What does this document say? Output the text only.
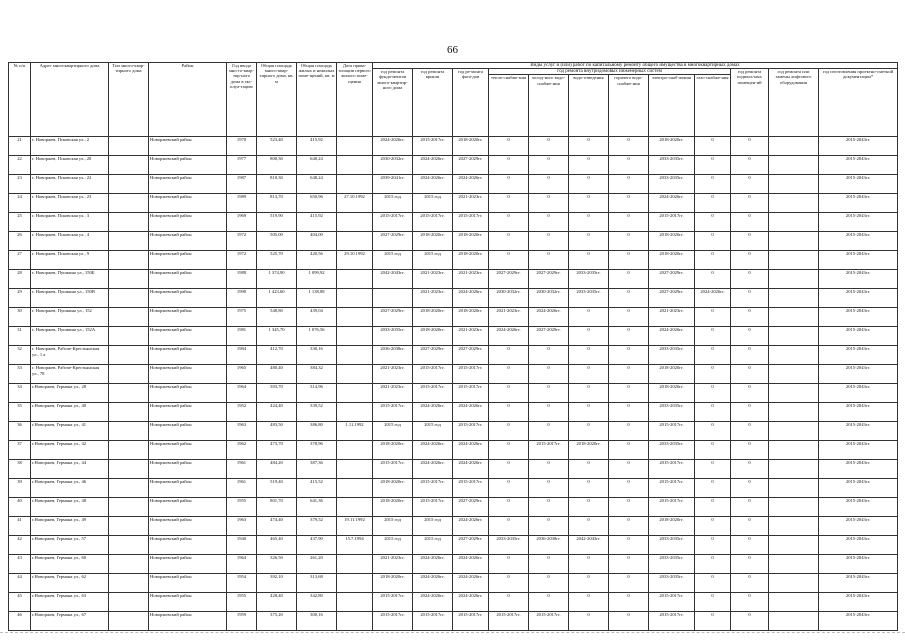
66
№ п/п	Адрес многоквартирного дома	Тип много-квар-тирного дома	Район	Год ввода мно-го-квар-тир-ного дома в экс-плуа-тацию	Общая площадь много-квар-тирного дома, кв. м	Общая площадь жилых и нежилых поме-щений, кв. м	Дата прива-тизации первого жилого поме-щения	Виды услуг и (или) работ по капитальному ремонту общего имущества в многоквартирных домах											
								год ремонта фунда-ментов много-квартир-ного дома	год ремонта крыши	год ре-монта фаса-дов	год ремонта внутридомовых инженерных систем						год ремонта подваль-ных помещен-ий	год ремонта или замены лифтового оборудования	год изготовления проектно-сметной документации*
											тепло-снабже-ния	холод-ного водо-снабже-ния	водо-отведения	горячего водо-снабже-ния	электро-снаб-жения	газо-снабже-ния			
21	г. Новоржев, Псковская ул., 2		Новоржевский район	1970	523,40	415,92		2024-2026гг.	2015-2017гг.	2018-2020гг.	0	0	0	0	2018-2020гг.	0	0		2015-2043гг.
22	г. Новоржев, Псковская ул., 20		Новоржевский район	1977	800,30	640,24		2030-2032гг.	2024-2026гг.	2027-2029гг.	0	0	0	0	2033-2035гг.	0	0		2015-2043гг.
23	г. Новоржев, Псковская ул., 22		Новоржевский район	1987	810,30	648,24		2039-2041гг.	2024-2026гг.	2024-2026гг.	0	0	0	0	2033-2035гг.	0	0		2015-2043гг.
24	г. Новоржев, Псковская ул., 23		Новоржевский район	1989	813,70	650,96	27.10.1992	2015 год	2015 год	2021-2023гг.	0	0	0	0	2024-2026гг.	0	0		2015-2043гг.
25	г. Новоржев, Псковская ул., 3		Новоржевский район	1969	519,90	415,92		2015-2017гг.	2015-2017гг.	2015-2017гг.	0	0	0	0	2015-2017гг.	0	0		2015-2043гг.
26	г. Новоржев, Псковская ул., 4		Новоржевский район	1972	505,00	404,00		2027-2029гг.	2018-2020гг.	2018-2020гг.	0	0	0	0	2018-2020гг.	0	0		2015-2043гг.
27	г. Новоржев, Псковская ул., 9		Новоржевский район	1972	525,70	420,56	29.10.1992	2015 год	2015 год	2018-2020гг.	0	0	0	0	2018-2020гг.	0	0		2015-2043гг.
28	г. Новоржев, Пушкина ул., 150Б		Новоржевский район	1988	1 374,90	1 099,92		2042-2043гг.	2021-2023гг.	2021-2023гг.	2027-2029гг.	2027-2029гг.	2033-2035гг.	0	2027-2029гг.	0	0		2015-2043гг.
29	г. Новоржев, Пушкина ул., 150В		Новоржевский район	1990	1 423,60	1 138,88			2021-2023гг.	2024-2026гг.	2030-2032гг.	2030-2032гг.	2033-2035гг.	0	2027-2029гг.	2024-2026гг.	0		2015-2043гг.
30	г. Новоржев, Пушкина ул., 152		Новоржевский район	1975	548,80	439,04		2027-2029гг.	2018-2020гг.	2018-2020гг.	2021-2023гг.	2024-2026гг.	0	0	2021-2023гг.	0	0		2015-2043гг.
31	г. Новоржев, Пушкина ул., 152А		Новоржевский район	1981	1 345,70	1 076,56		2033-2035гг.	2018-2020гг.	2021-2023гг.	2024-2026гг.	2027-2029гг.	0	0	2024-2026гг.	0	0		2015-2043гг.
32	г. Новоржев, Рабоче-Крестьянская ул., 1 а		Новоржевский район	1984	412,70	330,16		2036-2038гг.	2027-2029гг.	2027-2029гг.	0	0	0	0	2033-2035гг.	0	0		2015-2043гг.
33	г. Новоржев, Рабоче-Крестьянская ул., 78		Новоржевский район	1965	480,40	384,32		2021-2023гг.	2015-2017гг.	2015-2017гг.	0	0	0	0	2018-2020гг.	0	0		2015-2043гг.
34	г.Новоржев, Германа ул., 28		Новоржевский район	1964	393,70	314,96		2021-2023гг.	2015-2017гг.	2015-2017гг.	0	0	0	0	2018-2020гг.	0	0		2015-2043гг.
35	г.Новоржев, Германа ул., 40		Новоржевский район	1952	424,40	339,52		2015-2017гг.	2024-2026гг.	2024-2026гг.	0	0	0	0	2033-2035гг.	0	0		2015-2043гг.
36	г.Новоржев, Германа ул., 41		Новоржевский район	1963	483,50	386,80	1.11.1992	2015 год	2015 год	2015-2017гг.	0	0	0	0	2015-2017гг.	0	0		2015-2043гг.
37	г.Новоржев, Германа ул., 42		Новоржевский район	1962	473,70	378,96		2018-2020гг.	2024-2026гг.	2024-2026гг.	0	2015-2017гг.	2018-2020гг.	0	2033-2035гг.	0	0		2015-2043гг.
38	г.Новоржев, Германа ул., 44		Новоржевский район	1961	484,20	387,36		2015-2017гг.	2024-2026гг.	2024-2026гг.	0	0	0	0	2015-2017гг.	0	0		2015-2043гг.
39	г.Новоржев, Германа ул., 46		Новоржевский район	1961	519,40	415,52		2018-2020гг.	2015-2017гг.	2015-2017гг.	0	0	0	0	2015-2017гг.	0	0		2015-2043гг.
40	г.Новоржев, Германа ул., 48		Новоржевский район	1955	801,70	641,36		2018-2020гг.	2015-2017гг.	2027-2029гг.	0	0	0	0	2015-2017гг.	0	0		2015-2043гг.
41	г.Новоржев, Германа ул., 49		Новоржевский район	1963	474,40	379,52	19.11.1992	2015 год	2015 год	2024-2026гг.	0	0	0	0	2018-2020гг.	0	0		2015-2043гг.
42	г.Новоржев, Германа ул., 57		Новоржевский район	1940	465,40	437,90	15.7.1994	2015 год	2015 год	2027-2029гг.	2033-2035гг.	2036-2038гг.	2042-2043гг.	0	2033-2035гг.	0	0		2015-2043гг.
43	г.Новоржев, Германа ул., 60		Новоржевский район	1964	326,50	261,20		2021-2023гг.	2024-2026гг.	2024-2026гг.	0	0	0	0	2033-2035гг.	0	0		2015-2043гг.
44	г.Новоржев, Германа ул., 62		Новоржевский район	1954	392,10	313,68		2018-2020гг.	2024-2026гг.	2024-2026гг.	0	0	0	0	2033-2035гг.	0	0		2015-2043гг.
45	г.Новоржев, Германа ул., 63		Новоржевский район	1955	428,40	342,80		2015-2017гг.	2024-2026гг.	2024-2026гг.	0	0	0	0	2015-2017гг.	0	0		2015-2043гг.
46	г.Новоржев, Германа ул., 67		Новоржевский район	1959	375,20	300,16		2015-2017гг.	2015-2017гг.	2015-2017гг.	2015-2017гг.	2015-2017гг.	0	0	2015-2017гг.	0	0		2015-2043гг.
